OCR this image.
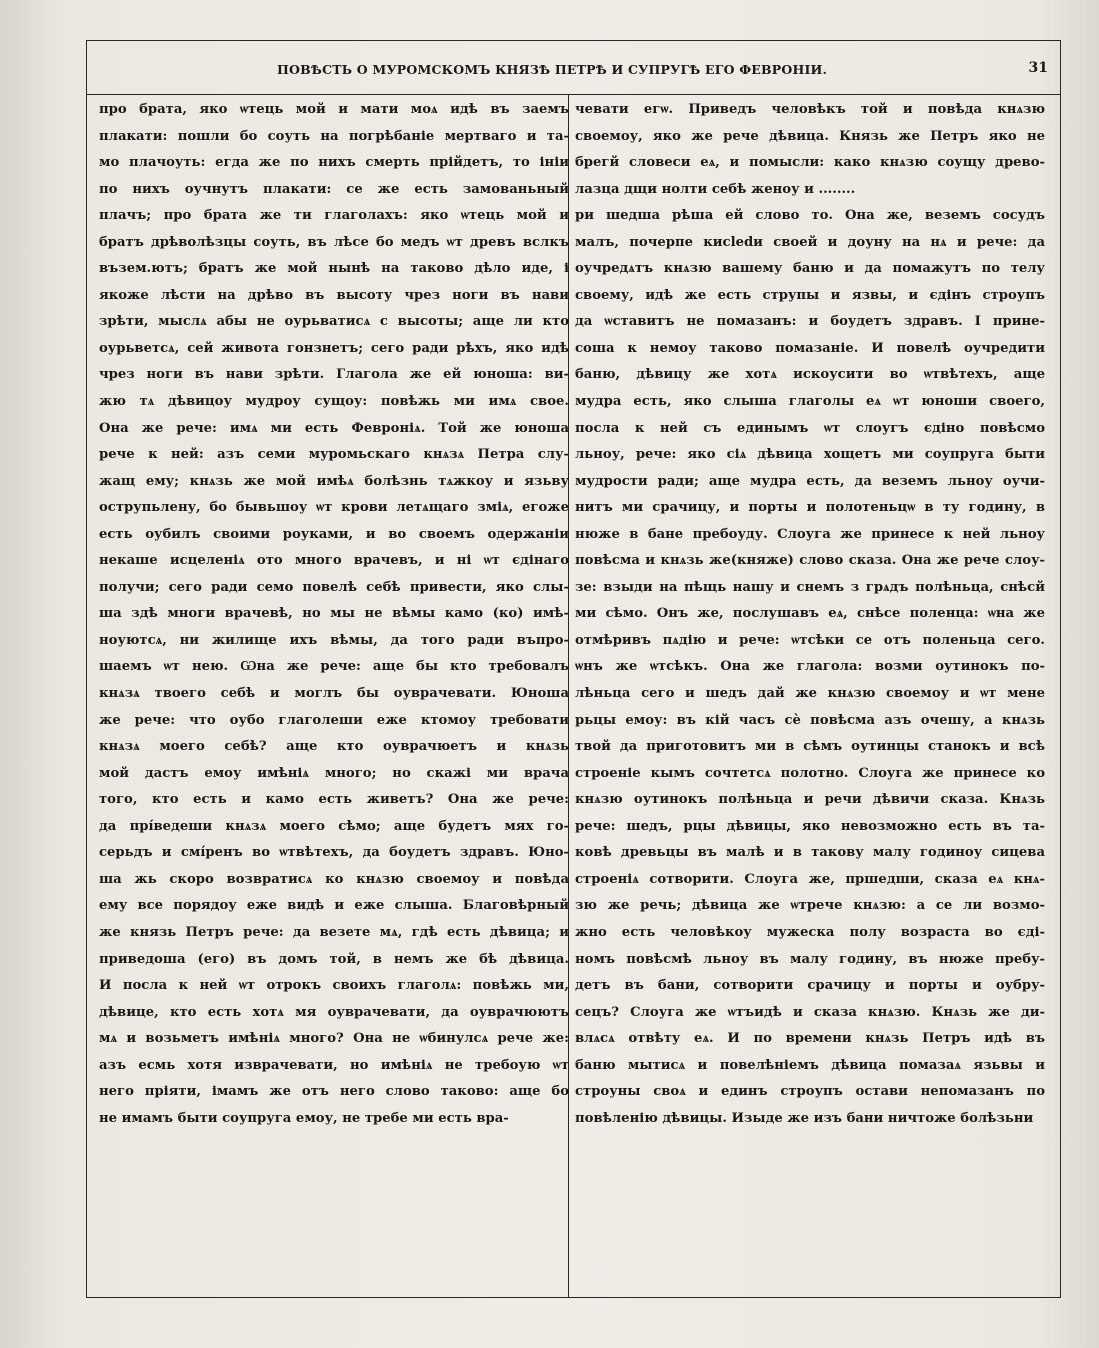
ПОВѢСТЬ О МУРОМСКОМЪ КНЯЗѢ ПЕТРѢ И СУПРУГѢ ЕГО ФЕВРОНІИ.	31
про брата, яко ѡтець мой и мати моѧ идѣ въ заемъ
плакати: пошли бо соуть на погрѣбаніе мертваго и та-
мо плачоуть: егда же по нихъ смерть прійдетъ, то ініи
по нихъ оучнутъ плакати: се же есть замованьный
плачъ; про брата же ти глаголахъ: яко ѡтець мой и
братъ дрѣволѣзцы соуть, въ лѣсе бо медъ ѡт древъ вслкъ
възем.ютъ; братъ же мой нынѣ на таково дѣло иде, і
якоже лѣсти на дрѣво въ высоту чрез ноги въ нави
зрѣти, мыслѧ абы не оурьватисѧ с высоты; аще ли кто
оурьветсѧ, сей живота гонзнетъ; сего ради рѣхъ, яко идѣ
чрез ноги въ нави зрѣти. Глагола же ей юноша: ви-
жю тѧ дѣвицоу мудроу сущоу: повѣжь ми имѧ свое.
Она же рече: имѧ ми есть Февроніѧ. Той же юноша
рече к ней: азъ семи муромьскаго кнѧзѧ Петра слу-
жащ ему; кнѧзь же мой имѣѧ болѣзнь тѧжкоу и язьву
острупьлену, бо бывьшоу ѡт крови летѧщаго зміѧ, егоже
есть оубилъ своими роуками, и во своемъ одержаніи
некаше исцеленіѧ ото много врачевъ, и ні ѡт єдінаго
получи; сего ради семо повелѣ себѣ привести, яко слы-
ша здѣ многи врачевѣ, но мы не вѣмы камо (ко) имѣ-
ноуютсѧ, ни жилище ихъ вѣмы, да того ради въпро-
шаемъ ѡт нею. Ѡна же рече: аще бы кто требовалъ
кнѧзѧ твоего себѣ и моглъ бы оуврачевати. Юноша
же рече: что оубо глаголеши еже ктомоу требовати
кнѧзѧ моего себѣ? аще кто оуврачюетъ и кнѧзь
мой дастъ емоу имѣніѧ много; но скажі ми врача
того, кто есть и камо есть живетъ? Она же рече:
да прíведеши кнѧзѧ моего сѣмо; аще будетъ мях го-
серьдъ и смíренъ во ѡтвѣтехъ, да боудетъ здравъ. Юно-
ша жь скоро возвратисѧ ко кнѧзю своемоу и повѣда
ему все порядоу еже видѣ и еже слыша. Благовѣрный
же князь Петръ рече: да везете мѧ, гдѣ есть дѣвица; и
приведоша (его) въ домъ той, в немъ же бѣ дѣвица.
И посла к ней ѡт отрокъ своихъ глаголѧ: повѣжь ми,
дѣвице, кто есть хотѧ мя оуврачевати, да оуврачюютъ
мѧ и возьметъ имѣніѧ много? Она не ѡбинулсѧ рече же:
азъ есмь хотя изврачевати, но имѣніѧ не требоую ѡт
него пріяти, імамъ же отъ него слово таково: аще бо
не имамъ быти соупруга емоу, не требе ми есть вра-
чевати егѡ. Приведъ человѣкъ той и повѣда кнѧзю
своемоу, яко же рече дѣвица. Князь же Петръ яко не
брегй словеси еѧ, и помысли: како кнѧзю соущу древо-
лазца дщи нолти себѣ женоу и ........
ри шедша рѣша ей слово то. Она же, веземъ сосудъ
малъ, почерпе кисledи своей и доуну на нѧ и рече: да
оучредѧтъ кнѧзю вашему баню и да помажутъ по телу
своему, идѣ же есть струпы и язвы, и єдінъ строупъ
да ѡставитъ не помазанъ: и боудетъ здравъ. І прине-
соша к немоу таково помазаніе. И повелѣ оучредити
баню, дѣвицу же хотѧ искоусити во ѡтвѣтехъ, аще
мудра есть, яко слыша глаголы еѧ ѡт юноши своего,
посла к ней съ единымъ ѡт слоугъ єдіно повѣсмо
льноу, рече: яко сіѧ дѣвица хощетъ ми соупруга быти
мудрости ради; аще мудра есть, да веземъ льноу оучи-
нитъ ми срачицу, и порты и полотеньцѡ в ту годину, в
нюже в бане пребоуду. Слоуга же принесе к ней льноу
повѣсма и кнѧзь же(княже) слово сказа. Она же рече слоу-
зе: взыди на пѣщь нашу и снемъ з грѧдъ полѣньца, снѣсй
ми сѣмо. Онъ же, послушавъ еѧ, снѣсе поленца: ѡна же
отмѣривъ пѧдію и рече: ѡтсѣки се отъ поленьца сего.
ѡнъ же ѡтсѣкъ. Она же глагола: возми оутинокъ по-
лѣньца сего и шедъ дай же кнѧзю своемоу и ѡт мене
рьцы емоу: въ кій часъ сѐ повѣсма азъ очешу, а кнѧзь
твой да приготовитъ ми в сѣмъ оутинцы станокъ и всѣ
строеніе кымъ сочтетсѧ полотно. Слоуга же принесе ко
кнѧзю оутинокъ полѣньца и речи дѣвичи сказа. Кнѧзь
рече: шедъ, рцы дѣвицы, яко невозможно есть въ та-
ковѣ древьцы въ малѣ и в такову малу годиноу сицева
строеніѧ сотворити. Слоуга же, пршедши, сказа еѧ кнѧ-
зю же речь; дѣвица же ѡтрече кнѧзю: а се ли возмо-
жно есть человѣкоу мужеска полу возраста во єді-
номъ повѣсмѣ льноу въ малу годину, въ нюже пребу-
детъ въ бани, сотворити срачицу и порты и оубру-
сецъ? Слоуга же ѡтъидѣ и сказа кнѧзю. Кнѧзь же ди-
влѧсѧ отвѣту еѧ. И по времени кнѧзь Петръ идѣ въ
баню мытисѧ и повелѣніемъ дѣвица помазаѧ язьвы и
строуны своѧ и единъ строупъ остави непомазанъ по
повѣленію дѣвицы. Изыде же изъ бани ничтоже болѣзьни
